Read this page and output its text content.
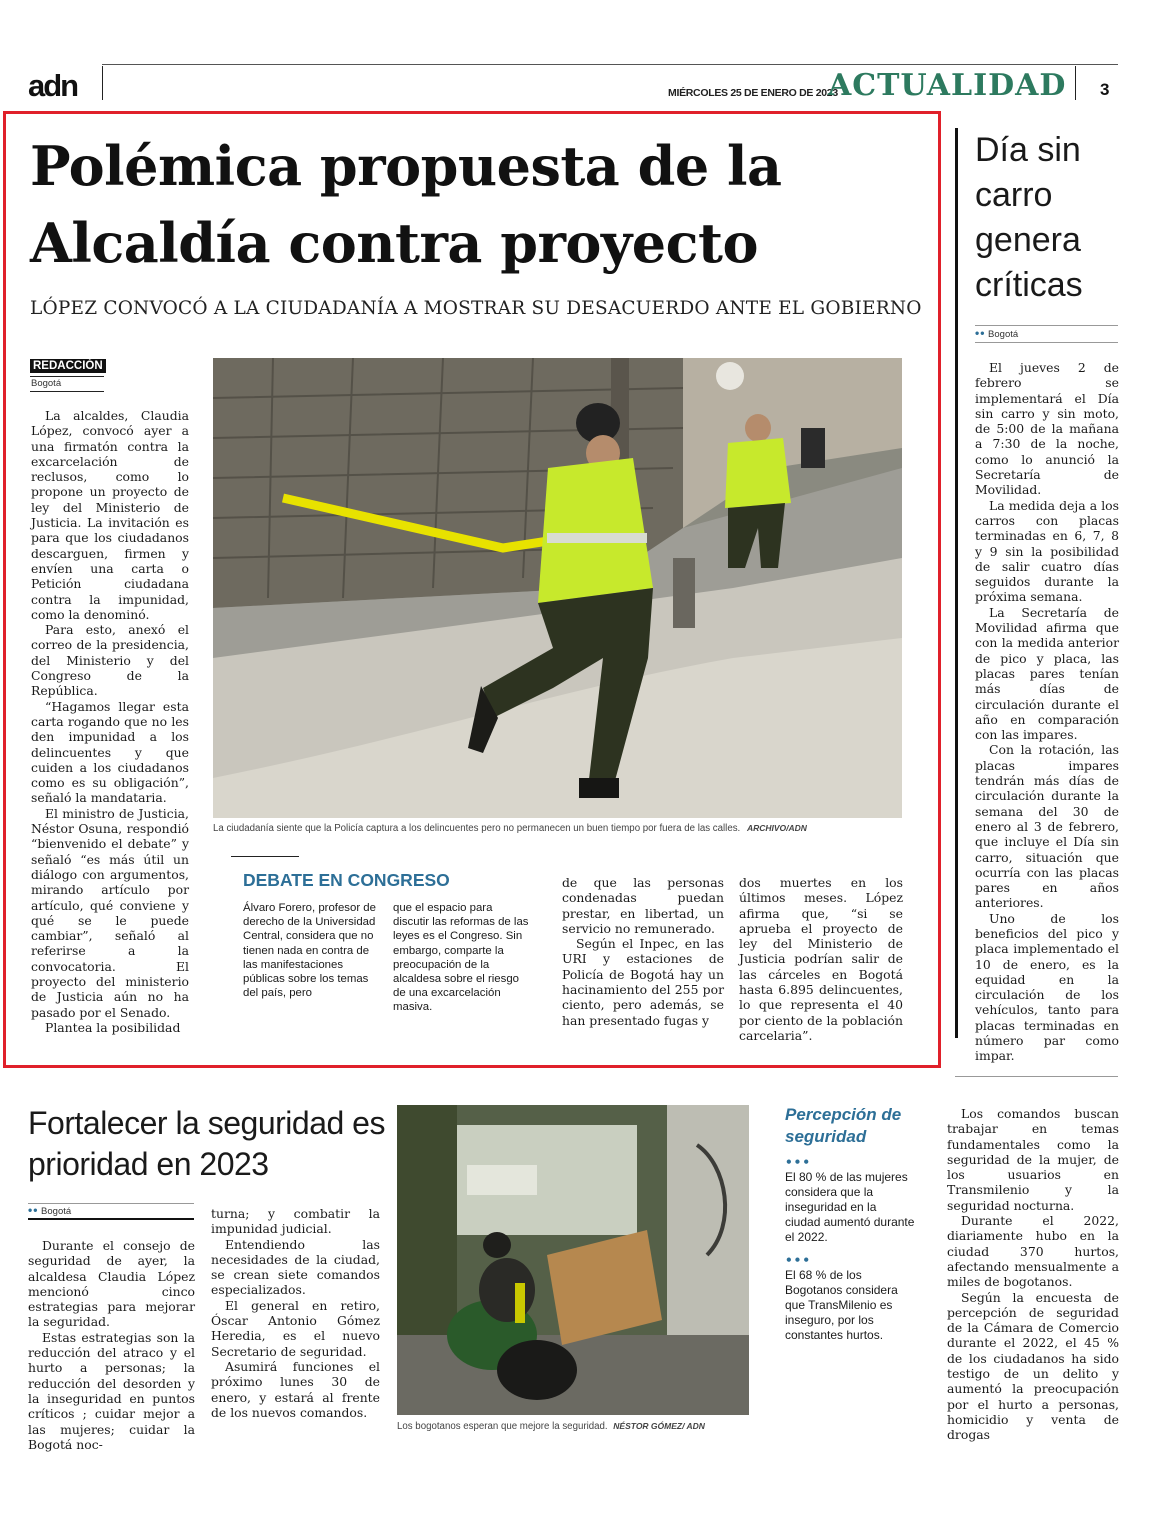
adn	MIÉRCOLES 25 DE ENERO DE 2023
ACTUALIDAD 3
Polémica propuesta de la Alcaldía contra proyecto
LÓPEZ CONVOCÓ A LA CIUDADANÍA A MOSTRAR SU DESACUERDO ANTE EL GOBIERNO
REDACCIÓN
Bogotá

La alcaldes, Claudia López, convocó ayer a una firmatón contra la excarcelación de reclusos, como lo propone un proyecto de ley del Ministerio de Justicia. La invitación es para que los ciudadanos descarguen, firmen y envíen una carta o Petición ciudadana contra la impunidad, como la denominó.

Para esto, anexó el correo de la presidencia, del Ministerio y del Congreso de la República.

“Hagamos llegar esta carta rogando que no les den impunidad a los delincuentes y que cuiden a los ciudadanos como es su obligación”, señaló la mandataria.

El ministro de Justicia, Néstor Osuna, respondió “bienvenido el debate” y señaló “es más útil un diálogo con argumentos, mirando artículo por artículo, qué conviene y qué se le puede cambiar”, señaló al referirse a la convocatoria. El proyecto del ministerio de Justicia aún no ha pasado por el Senado.

Plantea la posibilidad

La ciudadanía siente que la Policía captura a los delincuentes pero no permanecen un buen tiempo por fuera de las calles. ARCHIVO/ADN
DEBATE EN CONGRESO
Álvaro Forero, profesor de derecho de la Universidad Central, considera que no tienen nada en contra de las manifestaciones públicas sobre los temas del país, pero
que el espacio para discutir las reformas de las leyes es el Congreso. Sin embargo, comparte la preocupación de la alcaldesa sobre el riesgo de una excarcelación masiva.

de que las personas condenadas puedan prestar, en libertad, un servicio no remunerado.

Según el Inpec, en las URI y estaciones de Policía de Bogotá hay un hacinamiento del 255 por ciento, pero además, se han presentado fugas y

dos muertes en los últimos meses. López afirma que, “si se aprueba el proyecto de ley del Ministerio de Justicia podrían salir de las cárceles en Bogotá hasta 6.895 delincuentes, lo que representa el 40 por ciento de la población carcelaria”.

Día sin carro genera críticas
•• Bogotá

El jueves 2 de febrero se implementará el Día sin carro y sin moto, de 5:00 de la mañana a 7:30 de la noche, como lo anunció la Secretaría de Movilidad.

La medida deja a los carros con placas terminadas en 6, 7, 8 y 9 sin la posibilidad de salir cuatro días seguidos durante la próxima semana.

La Secretaría de Movilidad afirma que con la medida anterior de pico y placa, las placas pares tenían más días de circulación durante el año en comparación con las impares.

Con la rotación, las placas impares tendrán más días de circulación durante la semana del 30 de enero al 3 de febrero, que incluye el Día sin carro, situación que ocurría con las placas pares en años anteriores.

Uno de los beneficios del pico y placa implementado el 10 de enero, es la equidad en la circulación de los vehículos, tanto para placas terminadas en número par como impar.

Fortalecer la seguridad es prioridad en 2023
•• Bogotá

Durante el consejo de seguridad de ayer, la alcaldesa Claudia López mencionó cinco estrategias para mejorar la seguridad.

Estas estrategias son la reducción del atraco y el hurto a personas; la reducción del desorden y la inseguridad en puntos críticos ; cuidar mejor a las mujeres; cuidar la Bogotá noc-

turna; y combatir la impunidad judicial.

Entendiendo las necesidades de la ciudad, se crean siete comandos especializados.

El general en retiro, Óscar Antonio Gómez Heredia, es el nuevo Secretario de seguridad.

Asumirá funciones el próximo lunes 30 de enero, y estará al frente de los nuevos comandos.

Los bogotanos esperan que mejore la seguridad. NÉSTOR GÓMEZ/ ADN
Percepción de seguridad
•••
El 80 % de las mujeres considera que la inseguridad en la ciudad aumentó durante el 2022.
•••
El 68 % de los Bogotanos considera que TransMilenio es inseguro, por los constantes hurtos.

Los comandos buscan trabajar en temas fundamentales como la seguridad de la mujer, de los usuarios en Transmilenio y la seguridad nocturna.

Durante el 2022, diariamente hubo en la ciudad 370 hurtos, afectando mensualmente a miles de bogotanos.

Según la encuesta de percepción de seguridad de la Cámara de Comercio durante el 2022, el 45 % de los ciudadanos ha sido testigo de un delito y aumentó la preocupación por el hurto a personas, homicidio y venta de drogas
